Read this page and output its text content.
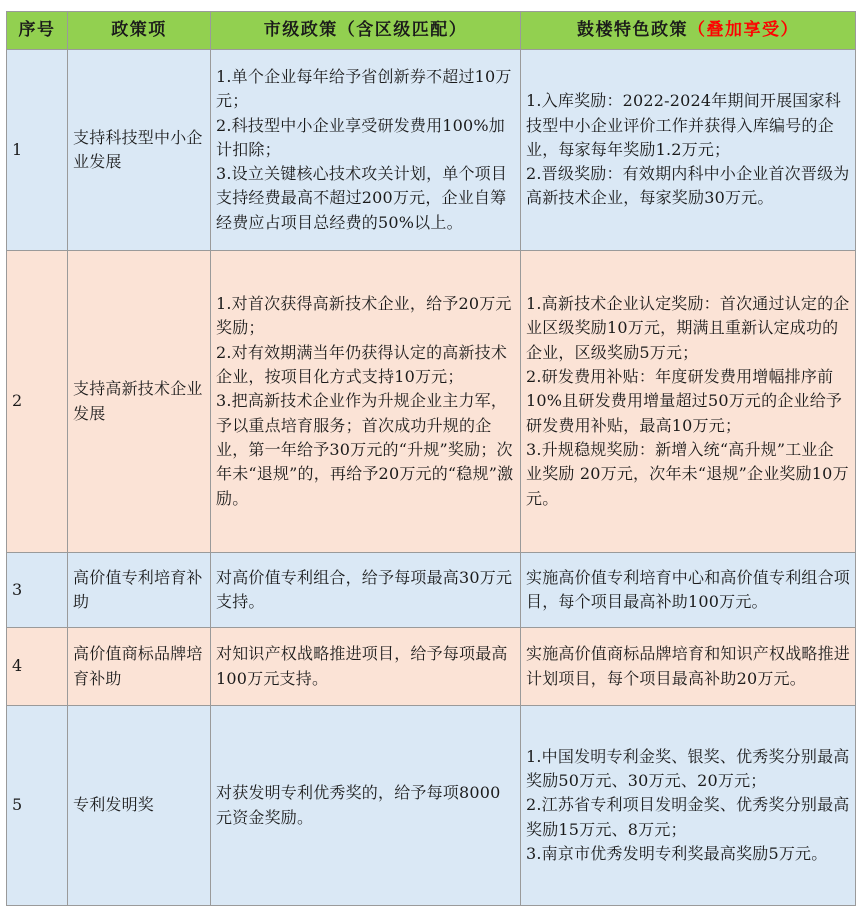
序号	政策项	市级政策（含区级匹配）	鼓楼特色政策（叠加享受）
1	支持科技型中小企业发展	1.单个企业每年给予省创新券不超过10万元；
2.科技型中小企业享受研发费用100%加计扣除；
3.设立关键核心技术攻关计划，单个项目支持经费最高不超过200万元，企业自筹经费应占项目总经费的50%以上。	1.入库奖励：2022-2024年期间开展国家科技型中小企业评价工作并获得入库编号的企业，每家每年奖励1.2万元；
2.晋级奖励：有效期内科中小企业首次晋级为高新技术企业，每家奖励30万元。

2	支持高新技术企业发展	1.对首次获得高新技术企业，给予20万元奖励；
2.对有效期满当年仍获得认定的高新技术企业，按项目化方式支持10万元；
3.把高新技术企业作为升规企业主力军，予以重点培育服务；首次成功升规的企业，第一年给予30万元的“升规”奖励；次年未“退规”的，再给予20万元的“稳规”激励。	1.高新技术企业认定奖励：首次通过认定的企业区级奖励10万元，期满且重新认定成功的企业，区级奖励5万元；
2.研发费用补贴：年度研发费用增幅排序前10%且研发费用增量超过50万元的企业给予研发费用补贴，最高10万元；
3.升规稳规奖励：新增入统“高升规”工业企业奖励 20万元，次年未“退规”企业奖励10万元。

3	高价值专利培育补助	对高价值专利组合，给予每项最高30万元支持。	实施高价值专利培育中心和高价值专利组合项目，每个项目最高补助100万元。

4	高价值商标品牌培育补助	对知识产权战略推进项目，给予每项最高100万元支持。	实施高价值商标品牌培育和知识产权战略推进计划项目，每个项目最高补助20万元。

5	专利发明奖	对获发明专利优秀奖的，给予每项8000元资金奖励。	1.中国发明专利金奖、银奖、优秀奖分别最高奖励50万元、30万元、20万元；
2.江苏省专利项目发明金奖、优秀奖分别最高奖励15万元、8万元；
3.南京市优秀发明专利奖最高奖励5万元。
